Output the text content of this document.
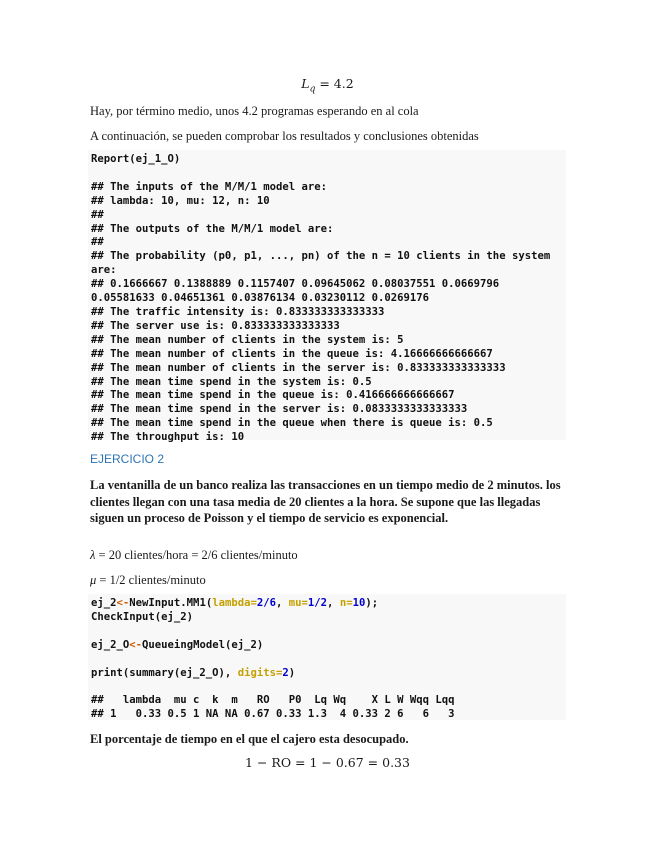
$L_q = 4.2$
Hay, por término medio, unos 4.2 programas esperando en al cola
A continuación, se pueden comprobar los resultados y conclusiones obtenidas
Report(ej_1_O)

## The inputs of the M/M/1 model are:
## lambda: 10, mu: 12, n: 10
##
## The outputs of the M/M/1 model are:
##
## The probability (p0, p1, ..., pn) of the n = 10 clients in the system are:
## 0.1666667 0.1388889 0.1157407 0.09645062 0.08037551 0.0669796
0.05581633 0.04651361 0.03876134 0.03230112 0.0269176
## The traffic intensity is: 0.833333333333333
## The server use is: 0.833333333333333
## The mean number of clients in the system is: 5
## The mean number of clients in the queue is: 4.16666666666667
## The mean number of clients in the server is: 0.833333333333333
## The mean time spend in the system is: 0.5
## The mean time spend in the queue is: 0.416666666666667
## The mean time spend in the server is: 0.0833333333333333
## The mean time spend in the queue when there is queue is: 0.5
## The throughput is: 10
EJERCICIO 2
La ventanilla de un banco realiza las transacciones en un tiempo medio de 2 minutos. los clientes llegan con una tasa media de 20 clientes a la hora. Se supone que las llegadas siguen un proceso de Poisson y el tiempo de servicio es exponencial.
λ = 20 clientes/hora = 2/6 clientes/minuto
μ = 1/2 clientes/minuto
ej_2<-NewInput.MM1(lambda=2/6, mu=1/2, n=10);
CheckInput(ej_2)

ej_2_O<-QueueingModel(ej_2)

print(summary(ej_2_O), digits=2)

##   lambda  mu c  k  m   RO   P0  Lq Wq    X L W Wqq Lqq
## 1   0.33 0.5 1 NA NA 0.67 0.33 1.3  4 0.33 2 6   6   3
El porcentaje de tiempo en el que el cajero esta desocupado.
1 − RO = 1 − 0.67 = 0.33
